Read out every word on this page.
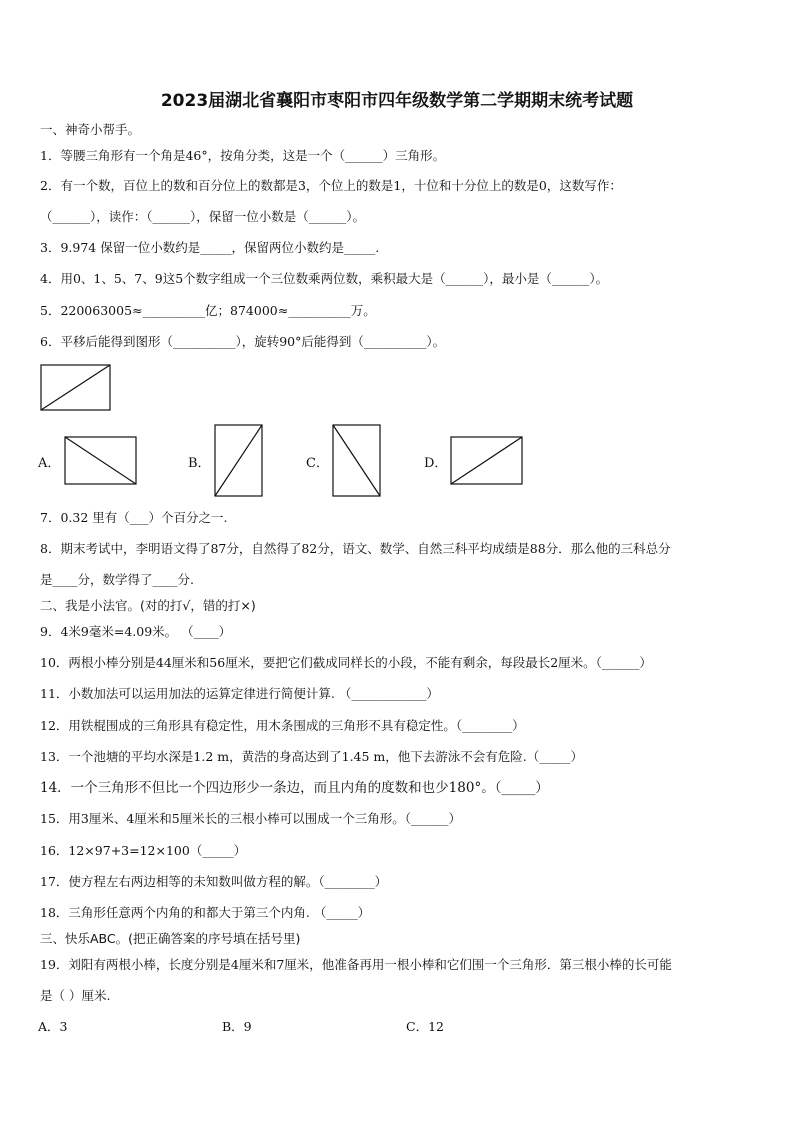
2023届湖北省襄阳市枣阳市四年级数学第二学期期末统考试题
一、神奇小帮手。
1．等腰三角形有一个角是46°，按角分类，这是一个（______）三角形。
2．有一个数，百位上的数和百分位上的数都是3，个位上的数是1，十位和十分位上的数是0，这数写作：
（______），读作：（______），保留一位小数是（______）。
3．9.974 保留一位小数约是_____，保留两位小数约是_____.
4．用0、1、5、7、9这5个数字组成一个三位数乘两位数，乘积最大是（______），最小是（______）。
5．220063005≈__________亿；874000≈__________万。
6．平移后能得到图形（__________），旋转90°后能得到（__________）。
A．	B．	C．	D．
7．0.32 里有（___）个百分之一.
8．期末考试中，李明语文得了87分，自然得了82分，语文、数学、自然三科平均成绩是88分．那么他的三科总分
是____分，数学得了____分.
二、我是小法官。(对的打√，错的打×)
9．4米9毫米=4.09米。 （____）
10．两根小棒分别是44厘米和56厘米，要把它们截成同样长的小段，不能有剩余，每段最长2厘米。（______）
11．小数加法可以运用加法的运算定律进行简便计算. （____________）
12．用铁棍围成的三角形具有稳定性，用木条围成的三角形不具有稳定性。（________）
13．一个池塘的平均水深是1.2 m，黄浩的身高达到了1.45 m，他下去游泳不会有危险.（_____）
14．一个三角形不但比一个四边形少一条边，而且内角的度数和也少180°。（_____）
15．用3厘米、4厘米和5厘米长的三根小棒可以围成一个三角形。（______）
16．12×97+3=12×100（_____）
17．使方程左右两边相等的未知数叫做方程的解。（________）
18．三角形任意两个内角的和都大于第三个内角. （_____）
三、快乐ABC。(把正确答案的序号填在括号里)
19．刘阳有两根小棒，长度分别是4厘米和7厘米，他准备再用一根小棒和它们围一个三角形．第三根小棒的长可能
是（ ）厘米.
A．3	B．9	C．12
